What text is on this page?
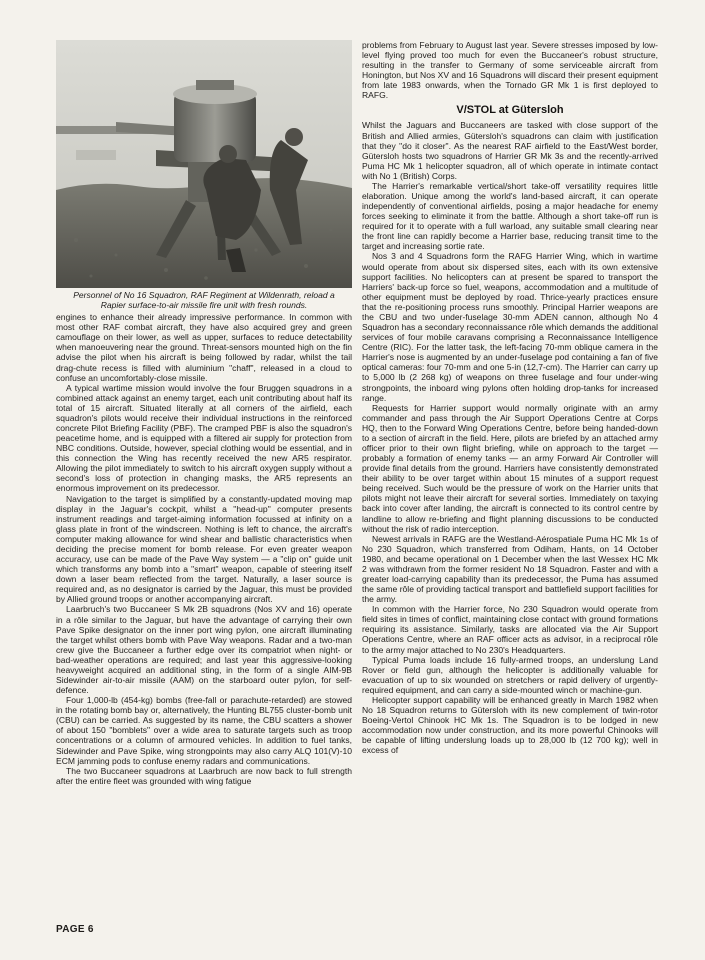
Personnel of No 16 Squadron, RAF Regiment at Wildenrath, reload a
Rapier surface-to-air missile fire unit with fresh rounds.

engines to enhance their already impressive performance. In common with most other RAF combat aircraft, they have also acquired grey and green camouflage on their lower, as well as upper, surfaces to reduce detectability when manoeuvering near the ground. Threat-sensors mounted high on the fin advise the pilot when his aircraft is being followed by radar, whilst the tail drag-chute recess is filled with aluminium "chaff", released in a cloud to confuse an uncomfortably-close missile.

A typical wartime mission would involve the four Bruggen squadrons in a combined attack against an enemy target, each unit contributing about half its total of 15 aircraft. Situated literally at all corners of the airfield, each squadron's pilots would receive their individual instructions in the reinforced concrete Pilot Briefing Facility (PBF). The cramped PBF is also the squadron's peacetime home, and is equipped with a filtered air supply for protection from NBC conditions. Outside, however, special clothing would be essential, and in this connection the Wing has recently received the new AR5 respirator. Allowing the pilot immediately to switch to his aircraft oxygen supply without a second's loss of protection in changing masks, the AR5 represents an enormous improvement on its predecessor.

Navigation to the target is simplified by a constantly-updated moving map display in the Jaguar's cockpit, whilst a "head-up" computer presents instrument readings and target-aiming information focussed at infinity on a glass plate in front of the windscreen. Nothing is left to chance, the aircraft's computer making allowance for wind shear and ballistic characteristics when deciding the precise moment for bomb release. For even greater weapon accuracy, use can be made of the Pave Way system — a "clip on" guide unit which transforms any bomb into a "smart" weapon, capable of steering itself down a laser beam reflected from the target. Naturally, a laser source is required and, as no designator is carried by the Jaguar, this must be provided by Allied ground troops or another accompanying aircraft.

Laarbruch's two Buccaneer S Mk 2B squadrons (Nos XV and 16) operate in a rôle similar to the Jaguar, but have the advantage of carrying their own Pave Spike designator on the inner port wing pylon, one aircraft illuminating the target whilst others bomb with Pave Way weapons. Radar and a two-man crew give the Buccaneer a further edge over its compatriot when night- or bad-weather operations are required; and last year this aggressive-looking heavyweight acquired an additional sting, in the form of a single AIM-9B Sidewinder air-to-air missile (AAM) on the starboard outer pylon, for self-defence.

Four 1,000-lb (454-kg) bombs (free-fall or parachute-retarded) are stowed in the rotating bomb bay or, alternatively, the Hunting BL755 cluster-bomb unit (CBU) can be carried. As suggested by its name, the CBU scatters a shower of about 150 "bomblets" over a wide area to saturate targets such as troop concentrations or a column of armoured vehicles. In addition to fuel tanks, Sidewinder and Pave Spike, wing strongpoints may also carry ALQ 101(V)-10 ECM jamming pods to confuse enemy radars and communications.

The two Buccaneer squadrons at Laarbruch are now back to full strength after the entire fleet was grounded with wing fatigue

problems from February to August last year. Severe stresses imposed by low-level flying proved too much for even the Buccaneer's robust structure, resulting in the transfer to Germany of some serviceable aircraft from Honington, but Nos XV and 16 Squadrons will discard their present equipment from late 1983 onwards, when the Tornado GR Mk 1 is first deployed to RAFG.

V/STOL at Gütersloh

Whilst the Jaguars and Buccaneers are tasked with close support of the British and Allied armies, Gütersloh's squadrons can claim with justification that they "do it closer". As the nearest RAF airfield to the East/West border, Gütersloh hosts two squadrons of Harrier GR Mk 3s and the recently-arrived Puma HC Mk 1 helicopter squadron, all of which operate in intimate contact with No 1 (British) Corps.

The Harrier's remarkable vertical/short take-off versatility requires little elaboration. Unique among the world's land-based aircraft, it can operate independently of conventional airfields, posing a major headache for enemy forces seeking to eliminate it from the battle. Although a short take-off run is required for it to operate with a full warload, any suitable small clearing near the front line can rapidly become a Harrier base, reducing transit time to the target and increasing sortie rate.

Nos 3 and 4 Squadrons form the RAFG Harrier Wing, which in wartime would operate from about six dispersed sites, each with its own extensive support facilities. No helicopters can at present be spared to transport the Harriers' back-up force so fuel, weapons, accommodation and a multitude of other equipment must be deployed by road. Thrice-yearly practices ensure that the re-positioning process runs smoothly. Principal Harrier weapons are the CBU and two under-fuselage 30-mm ADEN cannon, although No 4 Squadron has a secondary reconnaissance rôle which demands the additional services of four mobile caravans comprising a Reconnaissance Intelligence Centre (RIC). For the latter task, the left-facing 70-mm oblique camera in the Harrier's nose is augmented by an under-fuselage pod containing a fan of five optical cameras: four 70-mm and one 5-in (12,7-cm). The Harrier can carry up to 5,000 lb (2 268 kg) of weapons on three fuselage and four under-wing strongpoints, the inboard wing pylons often holding drop-tanks for increased range.

Requests for Harrier support would normally originate with an army commander and pass through the Air Support Operations Centre at Corps HQ, then to the Forward Wing Operations Centre, before being handed-down to a section of aircraft in the field. Here, pilots are briefed by an attached army officer prior to their own flight briefing, while on approach to the target — probably a formation of enemy tanks — an army Forward Air Controller will provide final details from the ground. Harriers have consistently demonstrated their ability to be over target within about 15 minutes of a support request being received. Such would be the pressure of work on the Harrier units that pilots might not leave their aircraft for several sorties. Immediately on taxying back into cover after landing, the aircraft is connected to its control centre by landline to allow re-briefing and flight planning discussions to be conducted without the risk of radio interception.

Newest arrivals in RAFG are the Westland-Aérospatiale Puma HC Mk 1s of No 230 Squadron, which transferred from Odiham, Hants, on 14 October 1980, and became operational on 1 December when the last Wessex HC Mk 2 was withdrawn from the former resident No 18 Squadron. Faster and with a greater load-carrying capability than its predecessor, the Puma has assumed the same rôle of providing tactical transport and battlefield support facilities for the army.

In common with the Harrier force, No 230 Squadron would operate from field sites in times of conflict, maintaining close contact with ground formations requiring its assistance. Similarly, tasks are allocated via the Air Support Operations Centre, where an RAF officer acts as advisor, in a reciprocal rôle to the army major attached to No 230's Headquarters.

Typical Puma loads include 16 fully-armed troops, an underslung Land Rover or field gun, although the helicopter is additionally valuable for evacuation of up to six wounded on stretchers or rapid delivery of urgently-required equipment, and can carry a side-mounted winch or machine-gun.

Helicopter support capability will be enhanced greatly in March 1982 when No 18 Squadron returns to Gütersloh with its new complement of twin-rotor Boeing-Vertol Chinook HC Mk 1s. The Squadron is to be lodged in new accommodation now under construction, and its more powerful Chinooks will be capable of lifting underslung loads up to 28,000 lb (12 700 kg); well in excess of

PAGE 6
